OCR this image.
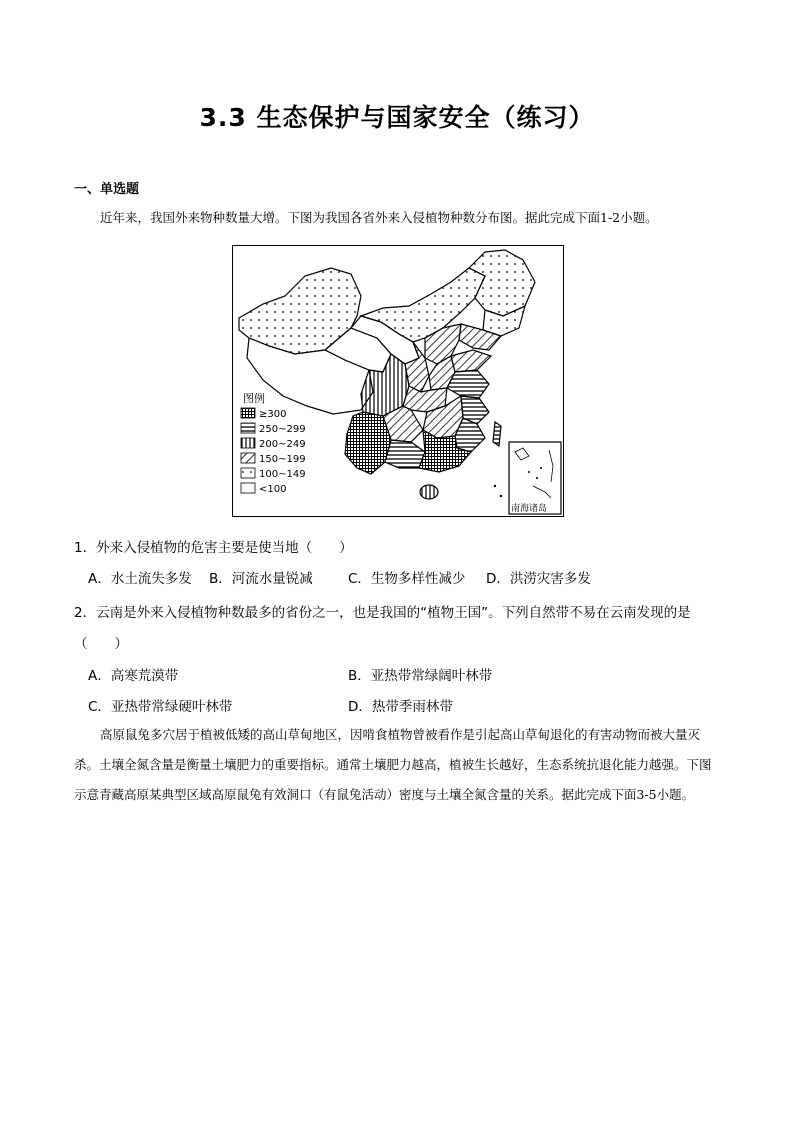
3.3 生态保护与国家安全（练习）
一、单选题
近年来，我国外来物种数量大增。下图为我国各省外来入侵植物种数分布图。据此完成下面1-2小题。
图例
≥300
250~299
200~249
150~199
100~149
<100
南海诸岛
1．外来入侵植物的危害主要是使当地（　　）
A．水土流失多发 B．河流水量锐减	C．生物多样性减少 D．洪涝灾害多发
2．云南是外来入侵植物种数最多的省份之一，也是我国的“植物王国”。下列自然带不易在云南发现的是
（　　）
A．高寒荒漠带	B．亚热带常绿阔叶林带
C．亚热带常绿硬叶林带	D．热带季雨林带
高原鼠兔多穴居于植被低矮的高山草甸地区，因啃食植物曾被看作是引起高山草甸退化的有害动物而被大量灭杀。土壤全氮含量是衡量土壤肥力的重要指标。通常土壤肥力越高，植被生长越好，生态系统抗退化能力越强。下图示意青藏高原某典型区域高原鼠兔有效洞口（有鼠兔活动）密度与土壤全氮含量的关系。据此完成下面3-5小题。
